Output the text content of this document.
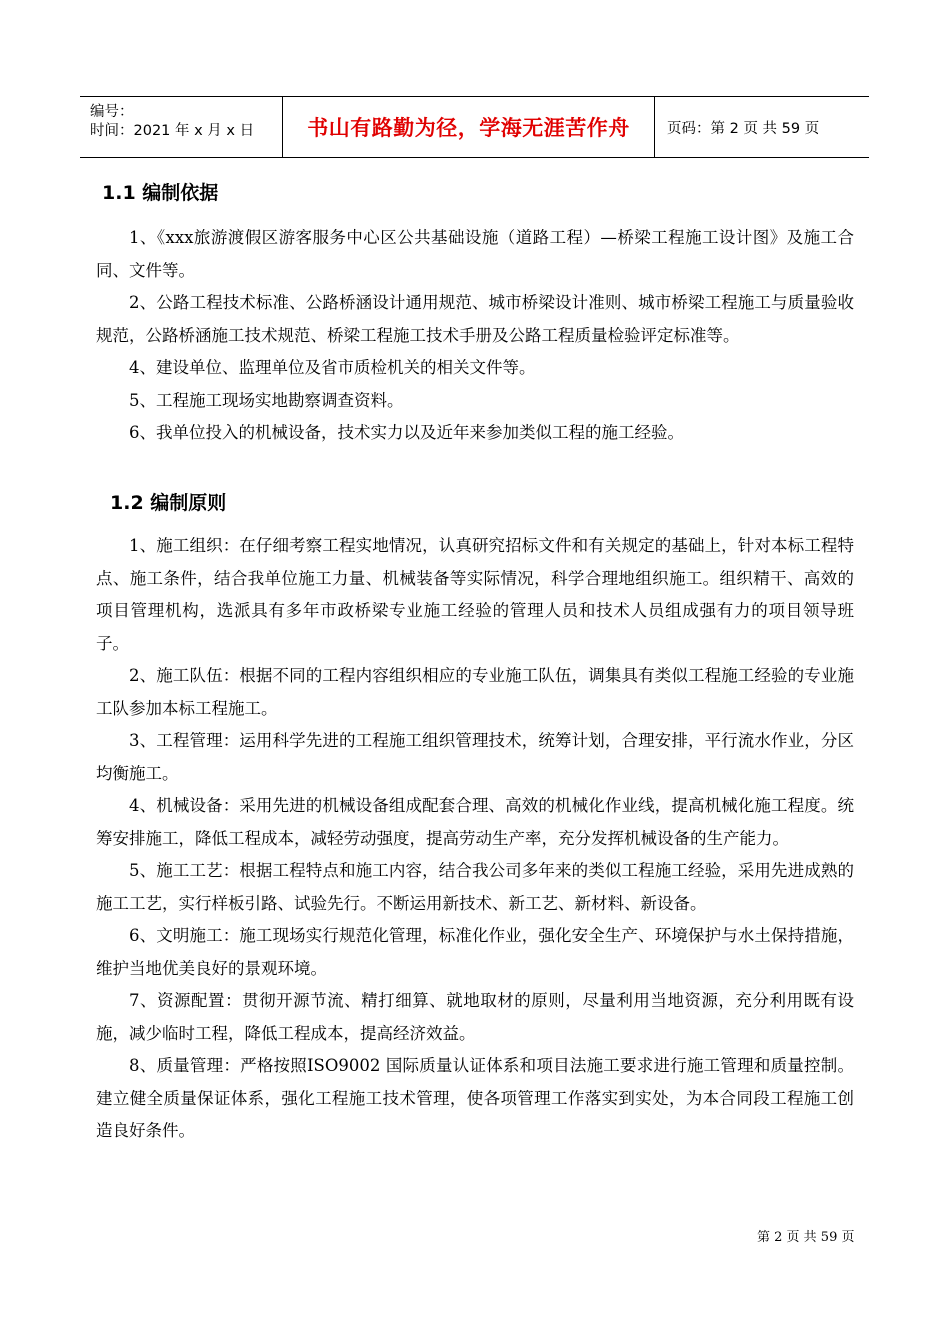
编号：
时间：2021 年 x 月 x 日	书山有路勤为径，学海无涯苦作舟	页码：第 2 页 共 59 页
1.1 编制依据

1、《xxx旅游渡假区游客服务中心区公共基础设施（道路工程）—桥梁工程施工设计图》及施工合同、文件等。

2、公路工程技术标准、公路桥涵设计通用规范、城市桥梁设计准则、城市桥梁工程施工与质量验收规范，公路桥涵施工技术规范、桥梁工程施工技术手册及公路工程质量检验评定标准等。

4、建设单位、监理单位及省市质检机关的相关文件等。

5、工程施工现场实地勘察调查资料。

6、我单位投入的机械设备，技术实力以及近年来参加类似工程的施工经验。

1.2 编制原则

1、施工组织：在仔细考察工程实地情况，认真研究招标文件和有关规定的基础上，针对本标工程特点、施工条件，结合我单位施工力量、机械装备等实际情况，科学合理地组织施工。组织精干、高效的项目管理机构，选派具有多年市政桥梁专业施工经验的管理人员和技术人员组成强有力的项目领导班子。

2、施工队伍：根据不同的工程内容组织相应的专业施工队伍，调集具有类似工程施工经验的专业施工队参加本标工程施工。

3、工程管理：运用科学先进的工程施工组织管理技术，统筹计划，合理安排，平行流水作业，分区均衡施工。

4、机械设备：采用先进的机械设备组成配套合理、高效的机械化作业线，提高机械化施工程度。统筹安排施工，降低工程成本，减轻劳动强度，提高劳动生产率，充分发挥机械设备的生产能力。

5、施工工艺：根据工程特点和施工内容，结合我公司多年来的类似工程施工经验，采用先进成熟的施工工艺，实行样板引路、试验先行。不断运用新技术、新工艺、新材料、新设备。

6、文明施工：施工现场实行规范化管理，标准化作业，强化安全生产、环境保护与水土保持措施，维护当地优美良好的景观环境。

7、资源配置：贯彻开源节流、精打细算、就地取材的原则，尽量利用当地资源，充分利用既有设施，减少临时工程，降低工程成本，提高经济效益。

8、质量管理：严格按照ISO9002 国际质量认证体系和项目法施工要求进行施工管理和质量控制。建立健全质量保证体系，强化工程施工技术管理，使各项管理工作落实到实处，为本合同段工程施工创造良好条件。

第 2 页 共 59 页
